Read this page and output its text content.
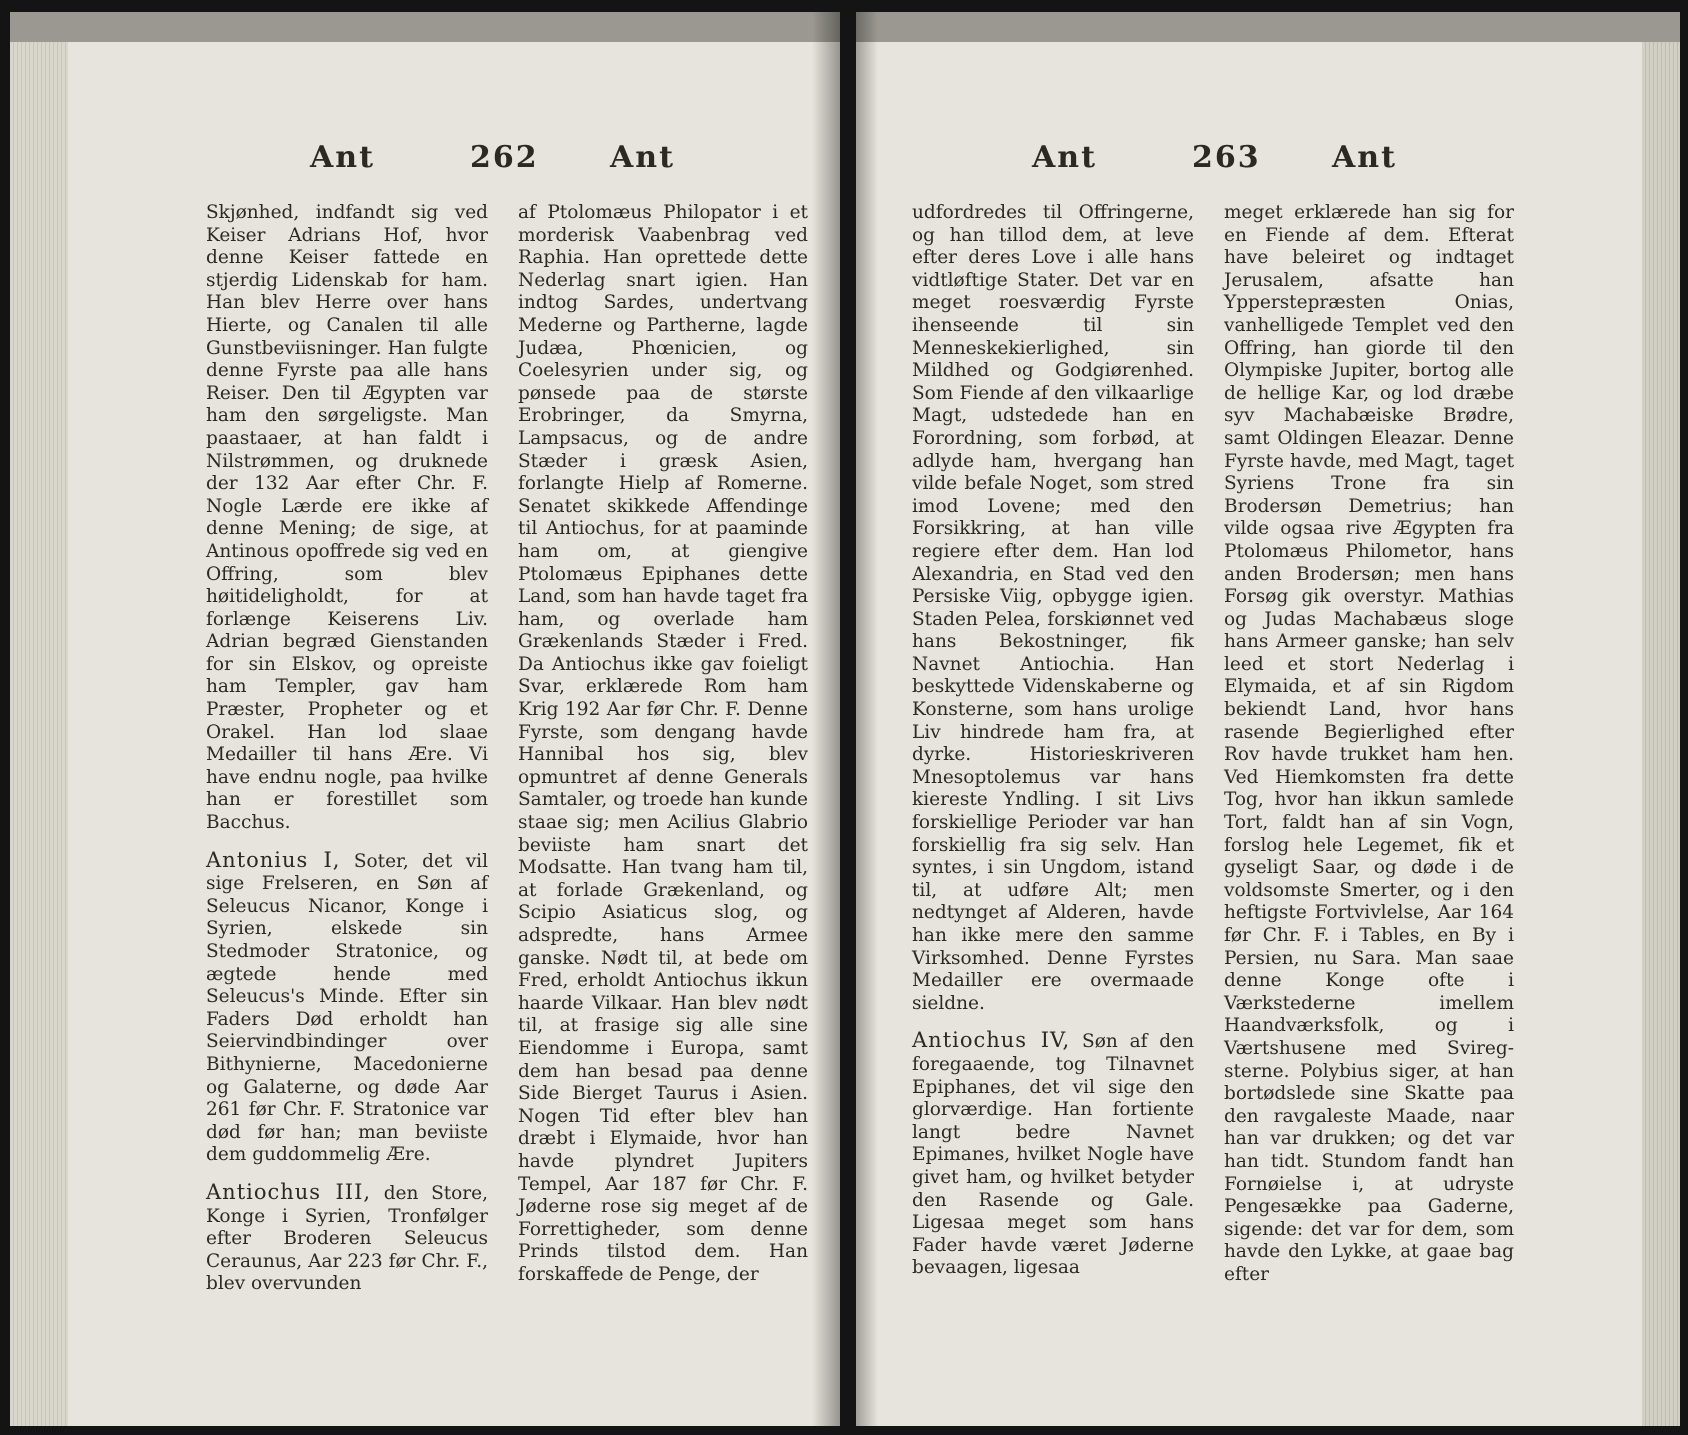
Ant	262 Ant

Skjønhed, indfandt sig ved Keiser Adrians Hof, hvor denne Keiser fattede en stjerdig Lidenskab for ham. Han blev Herre over hans Hierte, og Canalen til alle Gunstbeviisninger. Han fulgte denne Fyrste paa alle hans Reiser. Den til Ægypten var ham den sørgeligste. Man paastaaer, at han faldt i Nilstrømmen, og druknede der 132 Aar efter Chr. F. Nogle Lærde ere ikke af denne Mening; de sige, at Antinous opoffrede sig ved en Offring, som blev høitideligholdt, for at forlænge Keiserens Liv. Adrian begræd Gienstanden for sin Elskov, og opreiste ham Templer, gav ham Præster, Propheter og et Orakel. Han lod slaae Medailler til hans Ære. Vi have endnu nogle, paa hvilke han er forestillet som Bacchus.

Antonius I, Soter, det vil sige Frelseren, en Søn af Seleucus Nicanor, Konge i Syrien, elskede sin Stedmoder Stratonice, og ægtede hende med Seleucus's Minde. Efter sin Faders Død erholdt han Seiervindbindinger over Bithynierne, Macedonierne og Galaterne, og døde Aar 261 før Chr. F. Stratonice var død før han; man beviiste dem guddommelig Ære.

Antiochus III, den Store, Konge i Syrien, Tronfølger efter Broderen Seleucus Ceraunus, Aar 223 før Chr. F., blev overvunden

af Ptolomæus Philopator i et morderisk Vaabenbrag ved Raphia. Han oprettede dette Nederlag snart igien. Han indtog Sardes, undertvang Mederne og Partherne, lagde Judæa, Phœnicien, og Coelesyrien under sig, og pønsede paa de største Erobringer, da Smyrna, Lampsacus, og de andre Stæder i græsk Asien, forlangte Hielp af Romerne. Senatet skikkede Affendinge til Antiochus, for at paaminde ham om, at giengive Ptolomæus Epiphanes dette Land, som han havde taget fra ham, og overlade ham Grækenlands Stæder i Fred. Da Antiochus ikke gav foieligt Svar, erklærede Rom ham Krig 192 Aar før Chr. F. Denne Fyrste, som dengang havde Hannibal hos sig, blev opmuntret af denne Generals Samtaler, og troede han kunde staae sig; men Acilius Glabrio beviiste ham snart det Modsatte. Han tvang ham til, at forlade Grækenland, og Scipio Asiaticus slog, og adspredte, hans Armee ganske. Nødt til, at bede om Fred, erholdt Antiochus ikkun haarde Vilkaar. Han blev nødt til, at frasige sig alle sine Eiendomme i Europa, samt dem han besad paa denne Side Bierget Taurus i Asien. Nogen Tid efter blev han dræbt i Elymaide, hvor han havde plyndret Jupiters Tempel, Aar 187 før Chr. F. Jøderne rose sig meget af de Forrettigheder, som denne Prinds tilstod dem. Han forskaffede de Penge, der

Ant	263 Ant

udfordredes til Offringerne, og han tillod dem, at leve efter deres Love i alle hans vidtløftige Stater. Det var en meget roesværdig Fyrste ihenseende til sin Menneskekierlighed, sin Mildhed og Godgiørenhed. Som Fiende af den vilkaarlige Magt, udstedede han en Forordning, som forbød, at adlyde ham, hvergang han vilde befale Noget, som stred imod Lovene; med den Forsikkring, at han ville regiere efter dem. Han lod Alexandria, en Stad ved den Persiske Viig, opbygge igien. Staden Pelea, forskiønnet ved hans Bekostninger, fik Navnet Antiochia. Han beskyttede Videnskaberne og Konsterne, som hans urolige Liv hindrede ham fra, at dyrke. Historieskriveren Mnesoptolemus var hans kiereste Yndling. I sit Livs forskiellige Perioder var han forskiellig fra sig selv. Han syntes, i sin Ungdom, istand til, at udføre Alt; men nedtynget af Alderen, havde han ikke mere den samme Virksomhed. Denne Fyrstes Medailler ere overmaade sieldne.

Antiochus IV, Søn af den foregaaende, tog Tilnavnet Epiphanes, det vil sige den glorværdige. Han fortiente langt bedre Navnet Epimanes, hvilket Nogle have givet ham, og hvilket betyder den Rasende og Gale. Ligesaa meget som hans Fader havde været Jøderne bevaagen, ligesaa

meget erklærede han sig for en Fiende af dem. Efterat have beleiret og indtaget Jerusalem, afsatte han Ypperstepræsten Onias, vanhelligede Templet ved den Offring, han giorde til den Olympiske Jupiter, bortog alle de hellige Kar, og lod dræbe syv Machabæiske Brødre, samt Oldingen Eleazar. Denne Fyrste havde, med Magt, taget Syriens Trone fra sin Brodersøn Demetrius; han vilde ogsaa rive Ægypten fra Ptolomæus Philometor, hans anden Brodersøn; men hans Forsøg gik overstyr. Mathias og Judas Machabæus sloge hans Armeer ganske; han selv leed et stort Nederlag i Elymaida, et af sin Rigdom bekiendt Land, hvor hans rasende Begierlighed efter Rov havde trukket ham hen. Ved Hiemkomsten fra dette Tog, hvor han ikkun samlede Tort, faldt han af sin Vogn, forslog hele Legemet, fik et gyseligt Saar, og døde i de voldsomste Smerter, og i den heftigste Fortvivlelse, Aar 164 før Chr. F. i Tables, en By i Persien, nu Sara. Man saae denne Konge ofte i Værkstederne imellem Haandværksfolk, og i Værtshusene med Sviregsterne. Polybius siger, at han bortødslede sine Skatte paa den ravgaleste Maade, naar han var drukken; og det var han tidt. Stundom fandt han Fornøielse i, at udryste Pengesække paa Gaderne, sigende: det var for dem, som havde den Lykke, at gaae bag efter
